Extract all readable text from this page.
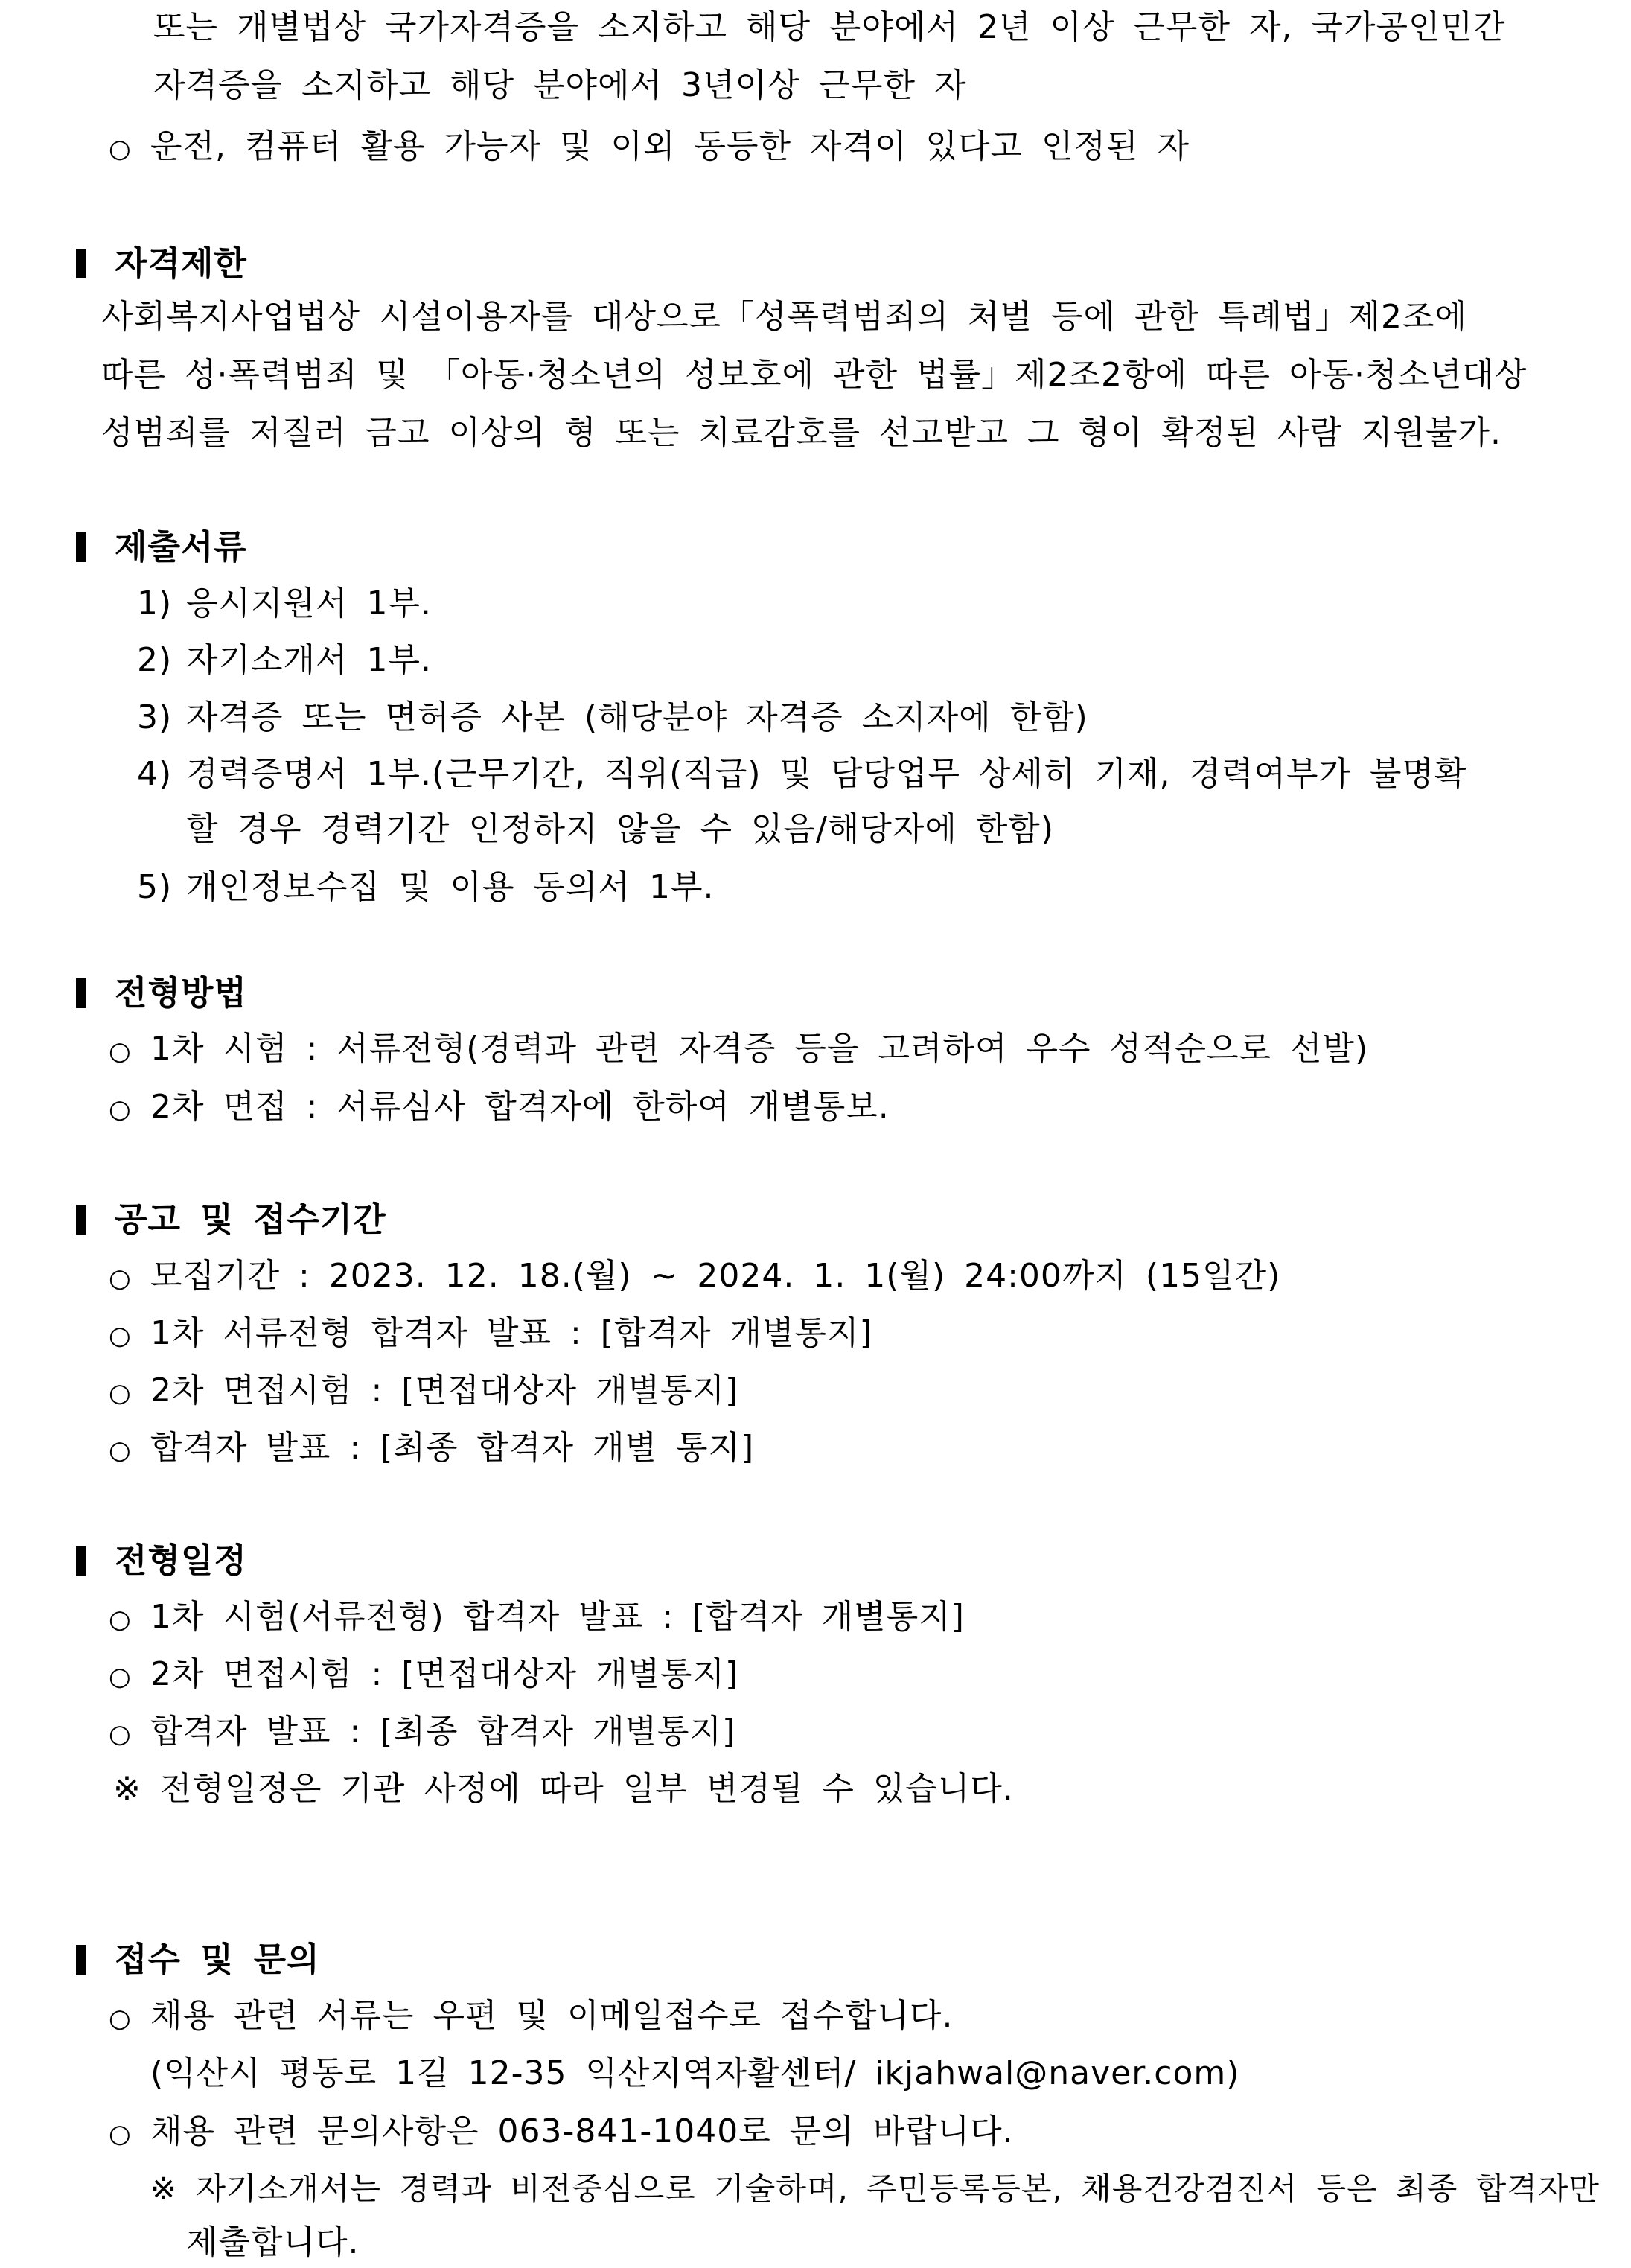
또는 개별법상 국가자격증을 소지하고 해당 분야에서 2년 이상 근무한 자, 국가공인민간
자격증을 소지하고 해당 분야에서 3년이상 근무한 자
○ 운전, 컴퓨터 활용 가능자 및 이외 동등한 자격이 있다고 인정된 자
자격제한
사회복지사업법상 시설이용자를 대상으로「성폭력범죄의 처벌 등에 관한 특례법」제2조에
따른 성·폭력범죄 및 「아동·청소년의 성보호에 관한 법률」제2조2항에 따른 아동·청소년대상
성범죄를 저질러 금고 이상의 형 또는 치료감호를 선고받고 그 형이 확정된 사람 지원불가.
제출서류
1) 응시지원서 1부.
2) 자기소개서 1부.
3) 자격증 또는 면허증 사본 (해당분야 자격증 소지자에 한함)
4) 경력증명서 1부.(근무기간, 직위(직급) 및 담당업무 상세히 기재, 경력여부가 불명확
할 경우 경력기간 인정하지 않을 수 있음/해당자에 한함)
5) 개인정보수집 및 이용 동의서 1부.
전형방법
○ 1차 시험 : 서류전형(경력과 관련 자격증 등을 고려하여 우수 성적순으로 선발)
○ 2차 면접 : 서류심사 합격자에 한하여 개별통보.
공고 및 접수기간
○ 모집기간 : 2023. 12. 18.(월) ~ 2024. 1. 1(월) 24:00까지 (15일간)
○ 1차 서류전형 합격자 발표 : [합격자 개별통지]
○ 2차 면접시험 : [면접대상자 개별통지]
○ 합격자 발표 : [최종 합격자 개별 통지]
전형일정
○ 1차 시험(서류전형) 합격자 발표 : [합격자 개별통지]
○ 2차 면접시험 : [면접대상자 개별통지]
○ 합격자 발표 : [최종 합격자 개별통지]
※ 전형일정은 기관 사정에 따라 일부 변경될 수 있습니다.
접수 및 문의
○ 채용 관련 서류는 우편 및 이메일접수로 접수합니다.
(익산시 평동로 1길 12-35 익산지역자활센터/ ikjahwal@naver.com)
○ 채용 관련 문의사항은 063-841-1040로 문의 바랍니다.
※ 자기소개서는 경력과 비전중심으로 기술하며, 주민등록등본, 채용건강검진서 등은 최종 합격자만
제출합니다.
